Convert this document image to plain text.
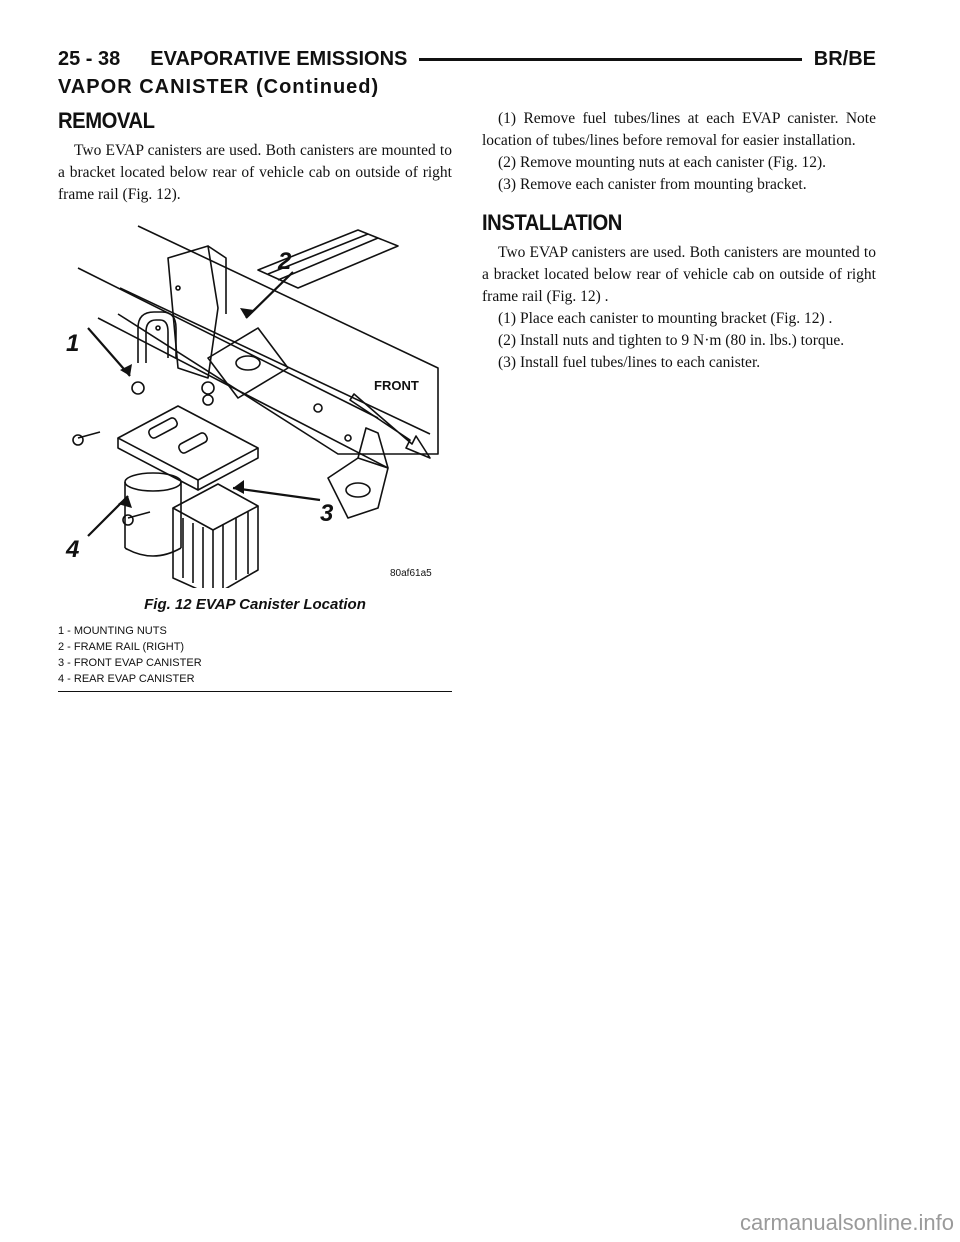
25 - 38 EVAPORATIVE EMISSIONS	BR/BE
VAPOR CANISTER (Continued)
REMOVAL

Two EVAP canisters are used. Both canisters are mounted to a bracket located below rear of vehicle cab on outside of right frame rail (Fig. 12).

2
1
3
4
FRONT
80af61a5
Fig. 12 EVAP Canister Location
1 - MOUNTING NUTS
2 - FRAME RAIL (RIGHT)
3 - FRONT EVAP CANISTER
4 - REAR EVAP CANISTER

(1) Remove fuel tubes/lines at each EVAP canister. Note location of tubes/lines before removal for easier installation.

(2) Remove mounting nuts at each canister (Fig. 12).

(3) Remove each canister from mounting bracket.

INSTALLATION

Two EVAP canisters are used. Both canisters are mounted to a bracket located below rear of vehicle cab on outside of right frame rail (Fig. 12) .

(1) Place each canister to mounting bracket (Fig. 12) .

(2) Install nuts and tighten to 9 N·m (80 in. lbs.) torque.

(3) Install fuel tubes/lines to each canister.

carmanualsonline.info
